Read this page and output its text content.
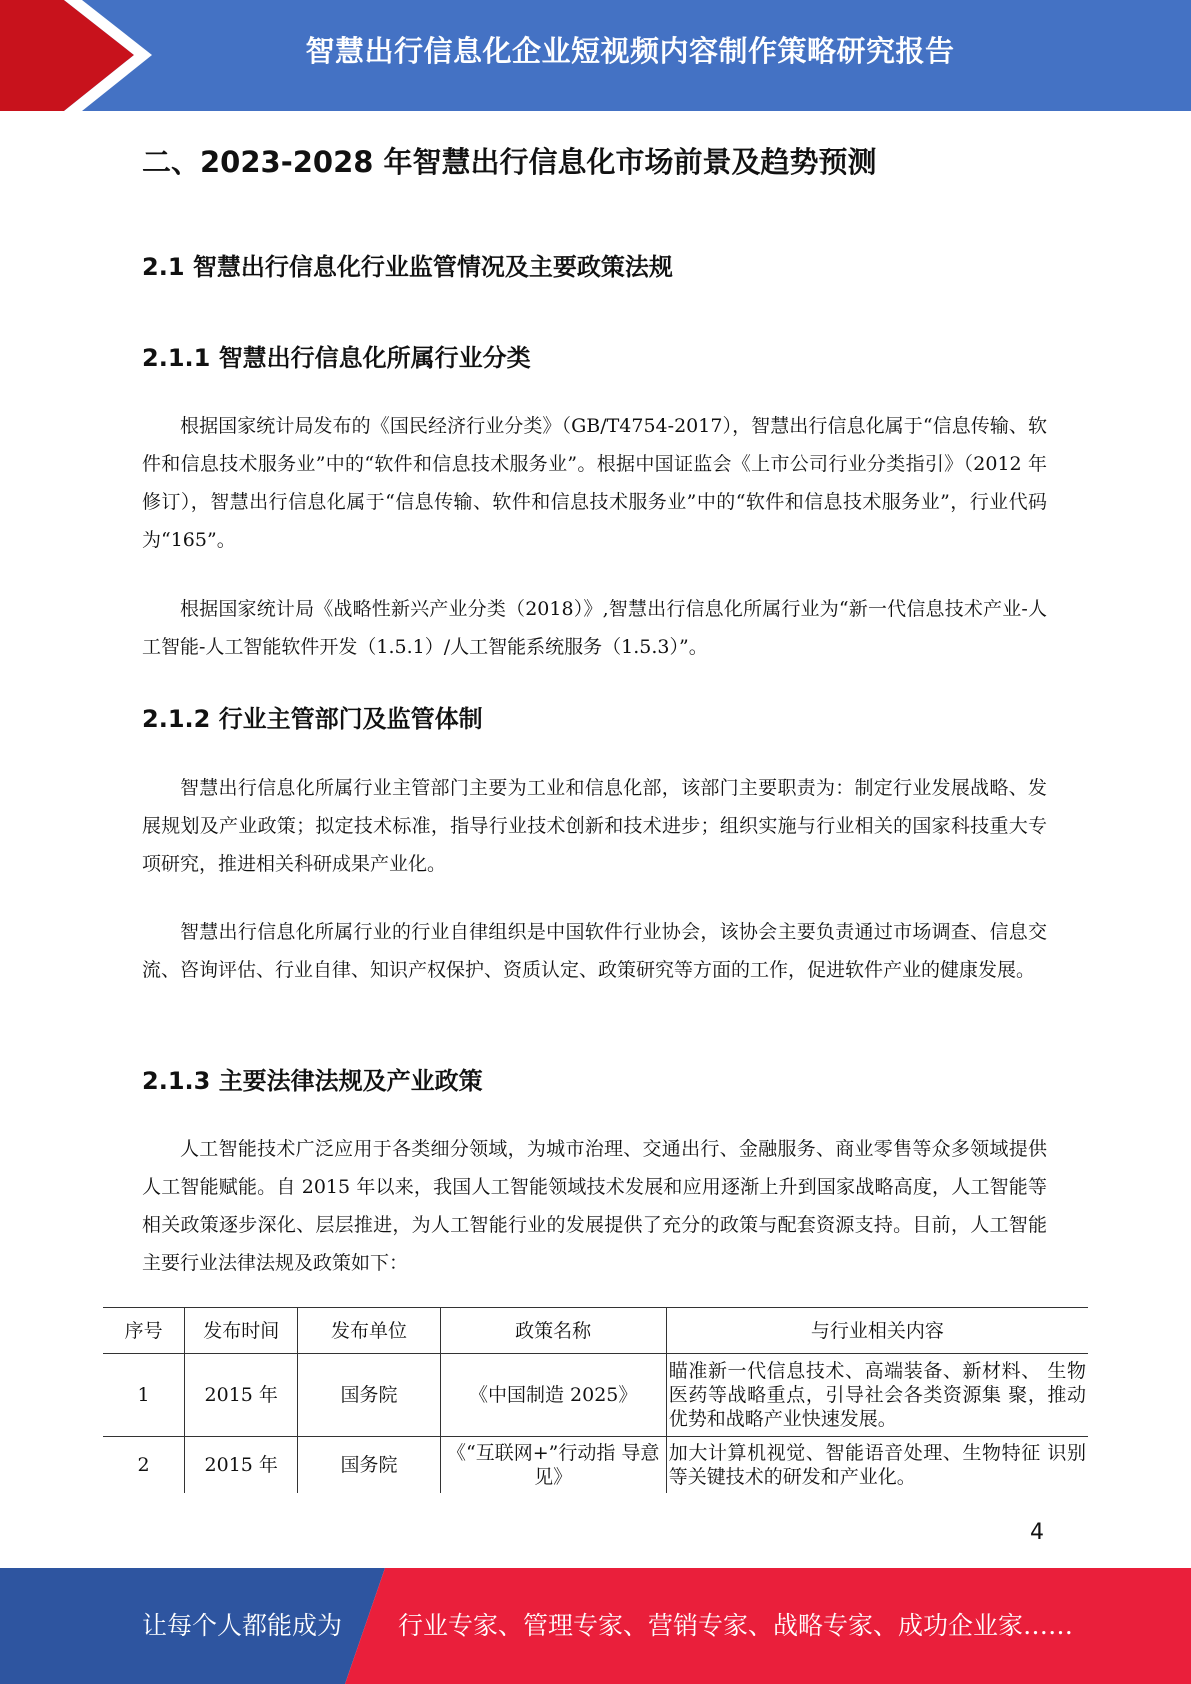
智慧出行信息化企业短视频内容制作策略研究报告
二、2023-2028 年智慧出行信息化市场前景及趋势预测
2.1 智慧出行信息化行业监管情况及主要政策法规
2.1.1 智慧出行信息化所属行业分类
根据国家统计局发布的《国民经济行业分类》（GB/T4754-2017），智慧出行信息化属于“信息传输、软件和信息技术服务业”中的“软件和信息技术服务业”。根据中国证监会《上市公司行业分类指引》（2012 年修订），智慧出行信息化属于“信息传输、软件和信息技术服务业”中的“软件和信息技术服务业”，行业代码为“165”。
根据国家统计局《战略性新兴产业分类（2018）》,智慧出行信息化所属行业为“新一代信息技术产业-人工智能-人工智能软件开发（1.5.1）/人工智能系统服务（1.5.3）”。
2.1.2 行业主管部门及监管体制
智慧出行信息化所属行业主管部门主要为工业和信息化部，该部门主要职责为：制定行业发展战略、发展规划及产业政策；拟定技术标准，指导行业技术创新和技术进步；组织实施与行业相关的国家科技重大专项研究，推进相关科研成果产业化。
智慧出行信息化所属行业的行业自律组织是中国软件行业协会，该协会主要负责通过市场调查、信息交流、咨询评估、行业自律、知识产权保护、资质认定、政策研究等方面的工作，促进软件产业的健康发展。
2.1.3 主要法律法规及产业政策
人工智能技术广泛应用于各类细分领域，为城市治理、交通出行、金融服务、商业零售等众多领域提供人工智能赋能。自 2015 年以来，我国人工智能领域技术发展和应用逐渐上升到国家战略高度，人工智能等相关政策逐步深化、层层推进，为人工智能行业的发展提供了充分的政策与配套资源支持。目前，人工智能主要行业法律法规及政策如下：
序号	发布时间	发布单位	政策名称	与行业相关内容
1	2015 年	国务院	《中国制造 2025》	瞄准新一代信息技术、高端装备、新材料、 生物医药等战略重点，引导社会各类资源集 聚，推动优势和战略产业快速发展。
2	2015 年	国务院	《“互联网+”行动指 导意见》	加大计算机视觉、智能语音处理、生物特征 识别等关键技术的研发和产业化。
4
让每个人都能成为 行业专家、管理专家、营销专家、战略专家、成功企业家……
